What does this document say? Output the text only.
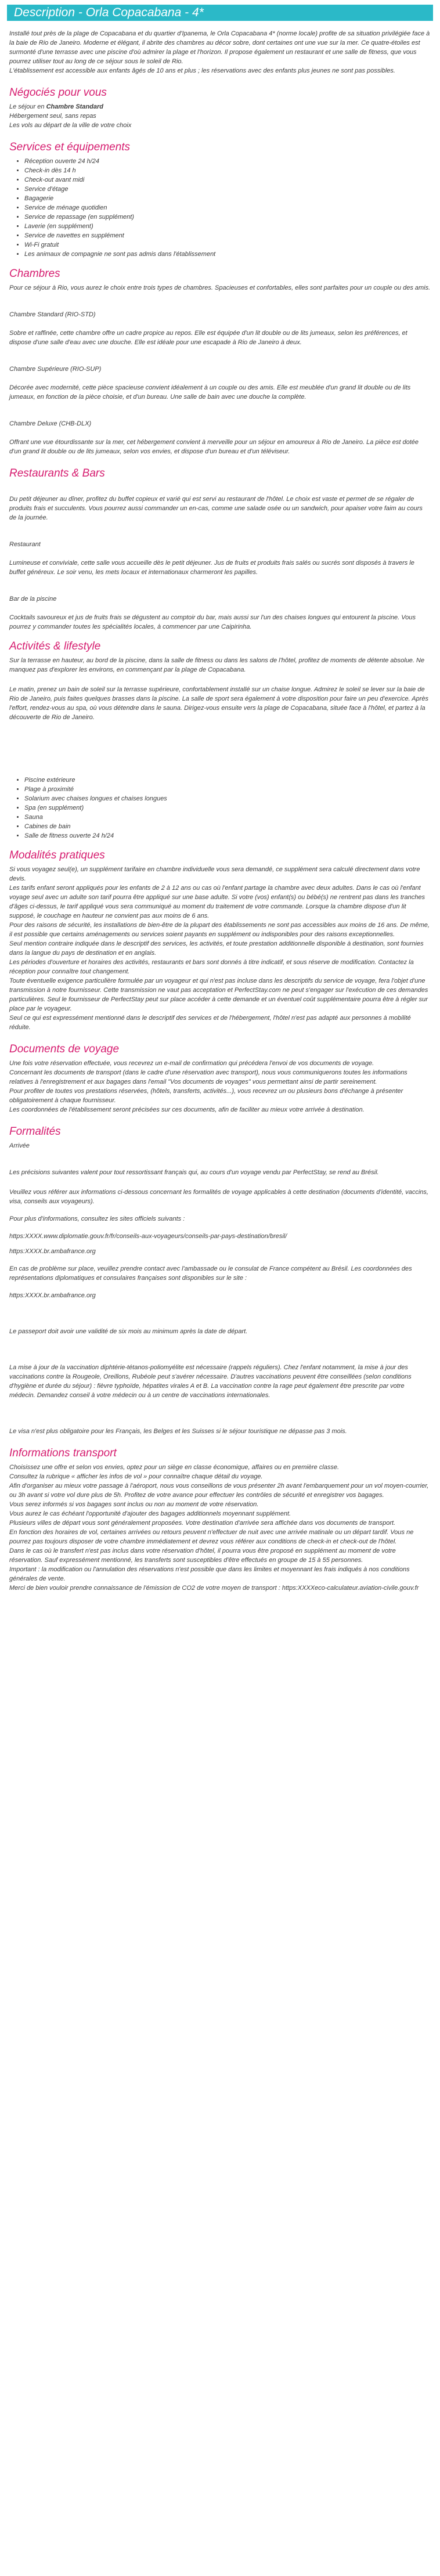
Description - Orla Copacabana - 4*

Installé tout près de la plage de Copacabana et du quartier d'Ipanema, le Orla Copacabana 4* (norme locale) profite de sa situation privilégiée face à la baie de Rio de Janeiro. Moderne et élégant, il abrite des chambres au décor sobre, dont certaines ont une vue sur la mer. Ce quatre-étoiles est surmonté d'une terrasse avec une piscine d'où admirer la plage et l'horizon. Il propose également un restaurant et une salle de fitness, que vous pourrez utiliser tout au long de ce séjour sous le soleil de Rio.

L'établissement est accessible aux enfants âgés de 10 ans et plus ; les réservations avec des enfants plus jeunes ne sont pas possibles.

Négociés pour vous
Le séjour en Chambre Standard
Hébergement seul, sans repas
Les vols au départ de la ville de votre choix
Services et équipements
• Réception ouverte 24 h/24
• Check-in dès 14 h
• Check-out avant midi
• Service d'étage
• Bagagerie
• Service de ménage quotidien
• Service de repassage (en supplément)
• Laverie (en supplément)
• Service de navettes en supplément
• Wi-Fi gratuit
• Les animaux de compagnie ne sont pas admis dans l'établissement
Chambres

Pour ce séjour à Rio, vous aurez le choix entre trois types de chambres. Spacieuses et confortables, elles sont parfaites pour un couple ou des amis.

Chambre Standard (RIO-STD)

Sobre et raffinée, cette chambre offre un cadre propice au repos. Elle est équipée d'un lit double ou de lits jumeaux, selon les préférences, et dispose d'une salle d'eau avec une douche. Elle est idéale pour une escapade à Rio de Janeiro à deux.

Chambre Supérieure (RIO-SUP)

Décorée avec modernité, cette pièce spacieuse convient idéalement à un couple ou des amis. Elle est meublée d'un grand lit double ou de lits jumeaux, en fonction de la pièce choisie, et d'un bureau. Une salle de bain avec une douche la complète.

Chambre Deluxe (CHB-DLX)

Offrant une vue étourdissante sur la mer, cet hébergement convient à merveille pour un séjour en amoureux à Rio de Janeiro. La pièce est dotée d'un grand lit double ou de lits jumeaux, selon vos envies, et dispose d'un bureau et d'un téléviseur.

Restaurants & Bars

Du petit déjeuner au dîner, profitez du buffet copieux et varié qui est servi au restaurant de l'hôtel. Le choix est vaste et permet de se régaler de produits frais et succulents. Vous pourrez aussi commander un en-cas, comme une salade osée ou un sandwich, pour apaiser votre faim au cours de la journée.

Restaurant

Lumineuse et conviviale, cette salle vous accueille dès le petit déjeuner. Jus de fruits et produits frais salés ou sucrés sont disposés à travers le buffet généreux. Le soir venu, les mets locaux et internationaux charmeront les papilles.

Bar de la piscine

Cocktails savoureux et jus de fruits frais se dégustent au comptoir du bar, mais aussi sur l'un des chaises longues qui entourent la piscine. Vous pourrez y commander toutes les spécialités locales, à commencer par une Caipirinha.

Activités & lifestyle

Sur la terrasse en hauteur, au bord de la piscine, dans la salle de fitness ou dans les salons de l'hôtel, profitez de moments de détente absolue. Ne manquez pas d'explorer les environs, en commençant par la plage de Copacabana.

Le matin, prenez un bain de soleil sur la terrasse supérieure, confortablement installé sur un chaise longue. Admirez le soleil se lever sur la baie de Rio de Janeiro, puis faites quelques brasses dans la piscine. La salle de sport sera également à votre disposition pour faire un peu d'exercice. Après l'effort, rendez-vous au spa, où vous détendre dans le sauna. Dirigez-vous ensuite vers la plage de Copacabana, située face à l'hôtel, et partez à la découverte de Rio de Janeiro.

• Piscine extérieure
• Plage à proximité
• Solarium avec chaises longues et chaises longues
• Spa (en supplément)
• Sauna
• Cabines de bain
• Salle de fitness ouverte 24 h/24
Modalités pratiques
Si vous voyagez seul(e), un supplément tarifaire en chambre individuelle vous sera demandé, ce supplément sera calculé directement dans votre devis.
Les tarifs enfant seront appliqués pour les enfants de 2 à 12 ans ou cas où l'enfant partage la chambre avec deux adultes. Dans le cas où l'enfant voyage seul avec un adulte son tarif pourra être appliqué sur une base adulte. Si votre (vos) enfant(s) ou bébé(s) ne rentrent pas dans les tranches d'âges ci-dessus, le tarif appliqué vous sera communiqué au moment du traitement de votre commande. Lorsque la chambre dispose d'un lit supposé, le couchage en hauteur ne convient pas aux moins de 6 ans.
Pour des raisons de sécurité, les installations de bien-être de la plupart des établissements ne sont pas accessibles aux moins de 16 ans. De même, il est possible que certains aménagements ou services soient payants en supplément ou indisponibles pour des raisons exceptionnelles.
Seul mention contraire indiquée dans le descriptif des services, les activités, et toute prestation additionnelle disponible à destination, sont fournies dans la langue du pays de destination et en anglais.
Les périodes d'ouverture et horaires des activités, restaurants et bars sont donnés à titre indicatif, et sous réserve de modification. Contactez la réception pour connaître tout changement.
Toute éventuelle exigence particulière formulée par un voyageur et qui n'est pas incluse dans les descriptifs du service de voyage, fera l'objet d'une transmission à notre fournisseur. Cette transmission ne vaut pas acceptation et PerfectStay.com ne peut s'engager sur l'exécution de ces demandes particulières. Seul le fournisseur de PerfectStay peut sur place accéder à cette demande et un éventuel coût supplémentaire pourra être à régler sur place par le voyageur.
Seul ce qui est expressément mentionné dans le descriptif des services et de l'hébergement, l'hôtel n'est pas adapté aux personnes à mobilité réduite.
Documents de voyage
Une fois votre réservation effectuée, vous recevrez un e-mail de confirmation qui précédera l'envoi de vos documents de voyage.
Concernant les documents de transport (dans le cadre d'une réservation avec transport), nous vous communiquerons toutes les informations relatives à l'enregistrement et aux bagages dans l'email "Vos documents de voyages" vous permettant ainsi de partir sereinement.
Pour profiter de toutes vos prestations réservées, (hôtels, transferts, activités...), vous recevrez un ou plusieurs bons d'échange à présenter obligatoirement à chaque fournisseur.
Les coordonnées de l'établissement seront précisées sur ces documents, afin de faciliter au mieux votre arrivée à destination.
Formalités

Arrivée

Les précisions suivantes valent pour tout ressortissant français qui, au cours d'un voyage vendu par PerfectStay, se rend au Brésil.

Veuillez vous référer aux informations ci-dessous concernant les formalités de voyage applicables à cette destination (documents d'identité, vaccins, visa, conseils aux voyageurs).

Pour plus d'informations, consultez les sites officiels suivants :

https:XXXX.www.diplomatie.gouv.fr/fr/conseils-aux-voyageurs/conseils-par-pays-destination/bresil/

https:XXXX.br.ambafrance.org

En cas de problème sur place, veuillez prendre contact avec l'ambassade ou le consulat de France compétent au Brésil. Les coordonnées des représentations diplomatiques et consulaires françaises sont disponibles sur le site :

https:XXXX.br.ambafrance.org

Le passeport doit avoir une validité de six mois au minimum après la date de départ.

La mise à jour de la vaccination diphtérie-tétanos-poliomyélite est nécessaire (rappels réguliers). Chez l'enfant notamment, la mise à jour des vaccinations contre la Rougeole, Oreillons, Rubéole peut s'avérer nécessaire. D'autres vaccinations peuvent être conseillées (selon conditions d'hygiène et durée du séjour) : fièvre typhoïde, hépatites virales A et B. La vaccination contre la rage peut également être prescrite par votre médecin. Demandez conseil à votre médecin ou à un centre de vaccinations internationales.

Le visa n'est plus obligatoire pour les Français, les Belges et les Suisses si le séjour touristique ne dépasse pas 3 mois.

Informations transport
Choisissez une offre et selon vos envies, optez pour un siège en classe économique, affaires ou en première classe.
Consultez la rubrique « afficher les infos de vol » pour connaître chaque détail du voyage.
Afin d'organiser au mieux votre passage à l'aéroport, nous vous conseillons de vous présenter 2h avant l'embarquement pour un vol moyen-courrier, ou 3h avant si votre vol dure plus de 5h. Profitez de votre avance pour effectuer les contrôles de sécurité et enregistrer vos bagages.
Vous serez informés si vos bagages sont inclus ou non au moment de votre réservation.
Vous aurez le cas échéant l'opportunité d'ajouter des bagages additionnels moyennant supplément.
Plusieurs villes de départ vous sont généralement proposées. Votre destination d'arrivée sera affichée dans vos documents de transport.
En fonction des horaires de vol, certaines arrivées ou retours peuvent n'effectuer de nuit avec une arrivée matinale ou un départ tardif. Vous ne pourrez pas toujours disposer de votre chambre immédiatement et devrez vous référer aux conditions de check-in et check-out de l'hôtel.
Dans le cas où le transfert n'est pas inclus dans votre réservation d'hôtel, il pourra vous être proposé en supplément au moment de votre réservation. Sauf expressément mentionné, les transferts sont susceptibles d'être effectués en groupe de 15 à 55 personnes.
Important : la modification ou l'annulation des réservations n'est possible que dans les limites et moyennant les frais indiqués à nos conditions générales de vente.
Merci de bien vouloir prendre connaissance de l'émission de CO2 de votre moyen de transport : https:XXXXeco-calculateur.aviation-civile.gouv.fr
